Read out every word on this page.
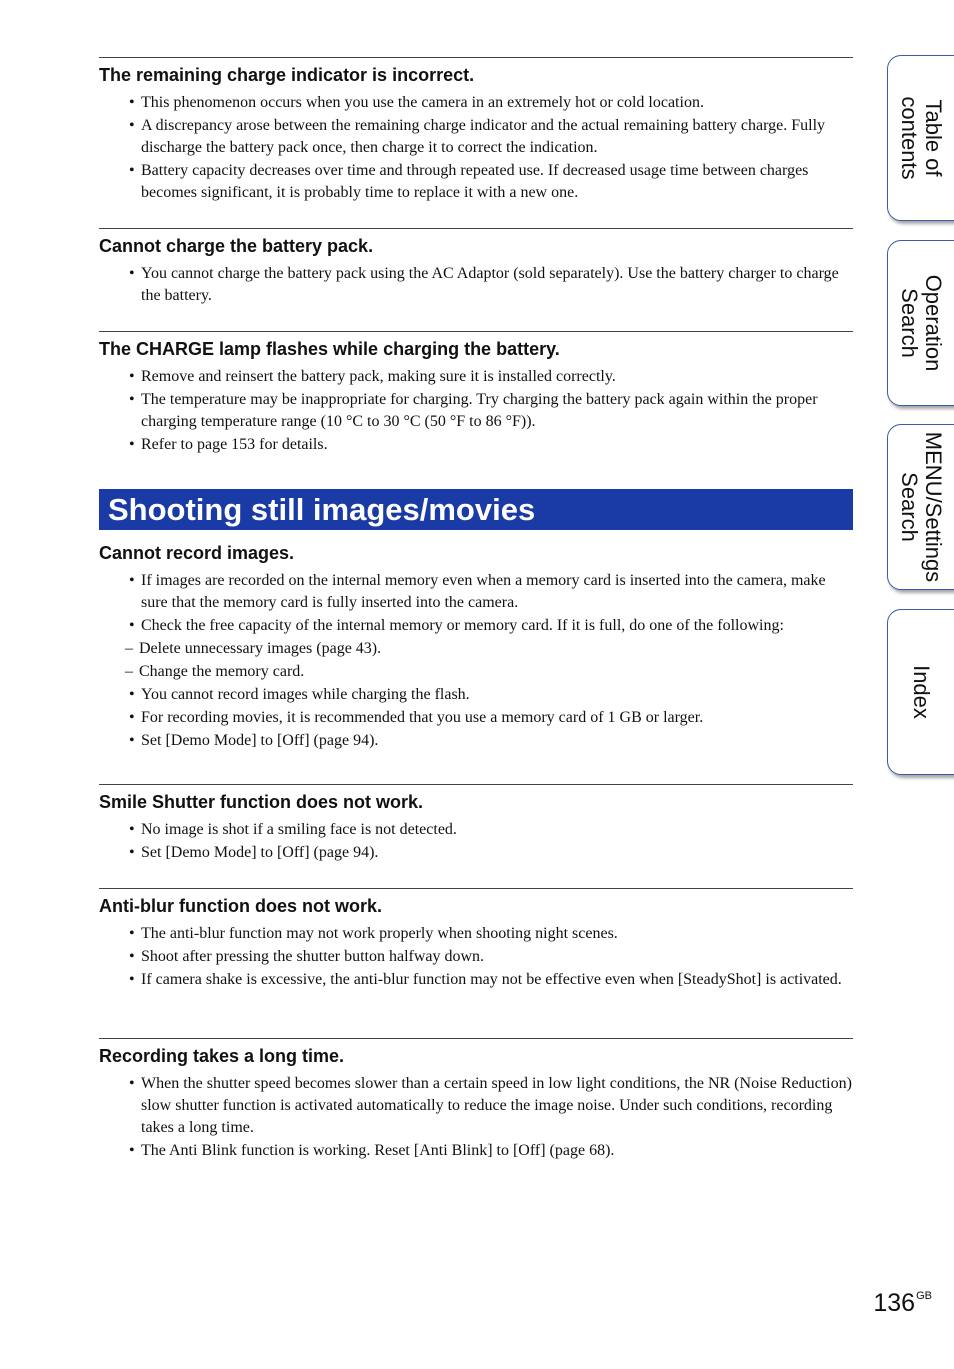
The remaining charge indicator is incorrect.
• This phenomenon occurs when you use the camera in an extremely hot or cold location.
• A discrepancy arose between the remaining charge indicator and the actual remaining battery charge. Fully discharge the battery pack once, then charge it to correct the indication.
• Battery capacity decreases over time and through repeated use. If decreased usage time between charges becomes significant, it is probably time to replace it with a new one.
Cannot charge the battery pack.
• You cannot charge the battery pack using the AC Adaptor (sold separately). Use the battery charger to charge the battery.
The CHARGE lamp flashes while charging the battery.
• Remove and reinsert the battery pack, making sure it is installed correctly.
• The temperature may be inappropriate for charging. Try charging the battery pack again within the proper charging temperature range (10 °C to 30 °C (50 °F to 86 °F)).
• Refer to page 153 for details.
Cannot record images.
• If images are recorded on the internal memory even when a memory card is inserted into the camera, make sure that the memory card is fully inserted into the camera.
• Check the free capacity of the internal memory or memory card. If it is full, do one of the following:
– Delete unnecessary images (page 43).
– Change the memory card.
• You cannot record images while charging the flash.
• For recording movies, it is recommended that you use a memory card of 1 GB or larger.
• Set [Demo Mode] to [Off] (page 94).
Smile Shutter function does not work.
• No image is shot if a smiling face is not detected.
• Set [Demo Mode] to [Off] (page 94).
Anti-blur function does not work.
• The anti-blur function may not work properly when shooting night scenes.
• Shoot after pressing the shutter button halfway down.
• If camera shake is excessive, the anti-blur function may not be effective even when [SteadyShot] is activated.
Recording takes a long time.
• When the shutter speed becomes slower than a certain speed in low light conditions, the NR (Noise Reduction) slow shutter function is activated automatically to reduce the image noise. Under such conditions, recording takes a long time.
• The Anti Blink function is working. Reset [Anti Blink] to [Off] (page 68).
Shooting still images/movies
Table of
contents
Operation
Search
MENU/Settings
Search
Index
$136^{GB}$
